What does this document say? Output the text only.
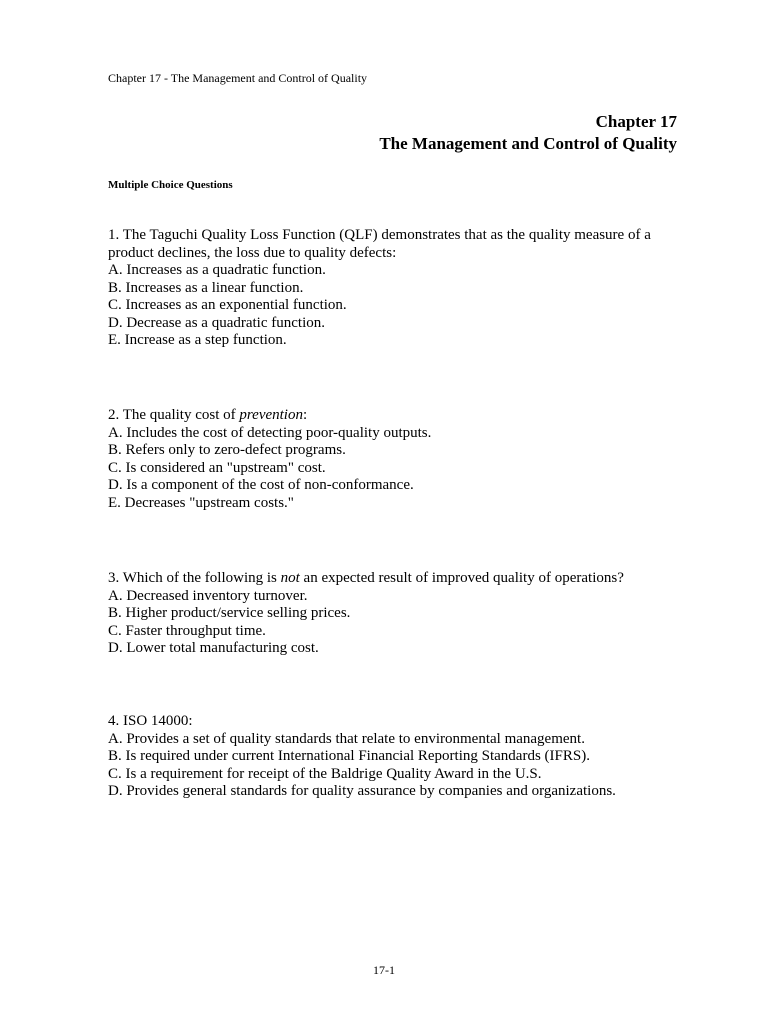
Chapter 17 - The Management and Control of Quality
Chapter 17
The Management and Control of Quality
Multiple Choice Questions
1. The Taguchi Quality Loss Function (QLF) demonstrates that as the quality measure of a
product declines, the loss due to quality defects:
A. Increases as a quadratic function.
B. Increases as a linear function.
C. Increases as an exponential function.
D. Decrease as a quadratic function.
E. Increase as a step function.
2. The quality cost of prevention:
A. Includes the cost of detecting poor-quality outputs.
B. Refers only to zero-defect programs.
C. Is considered an "upstream" cost.
D. Is a component of the cost of non-conformance.
E. Decreases "upstream costs."
3. Which of the following is not an expected result of improved quality of operations?
A. Decreased inventory turnover.
B. Higher product/service selling prices.
C. Faster throughput time.
D. Lower total manufacturing cost.
4. ISO 14000:
A. Provides a set of quality standards that relate to environmental management.
B. Is required under current International Financial Reporting Standards (IFRS).
C. Is a requirement for receipt of the Baldrige Quality Award in the U.S.
D. Provides general standards for quality assurance by companies and organizations.
17-1
